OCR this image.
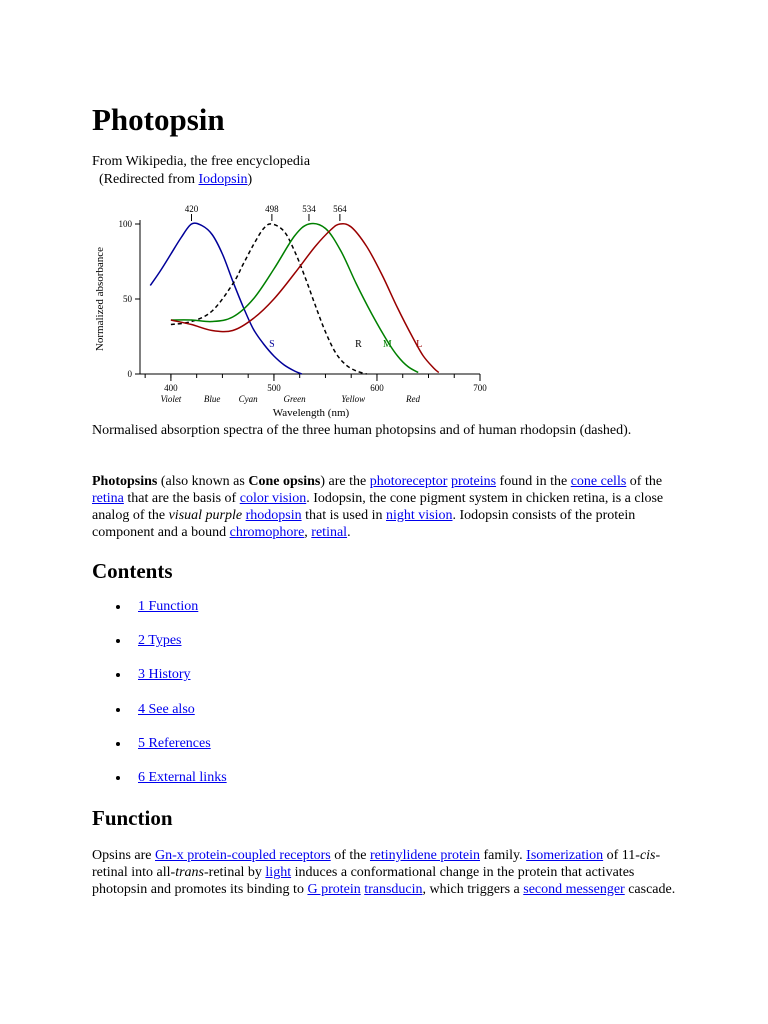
Photopsin

From Wikipedia, the free encyclopedia

(Redirected from Iodopsin)

400	500	600	700
0
50
100
Violet	Blue Cyan	Green	Yellow	Red
420	498	534 564
S	R M L
Wavelength (nm)
Normalized absorbance

Normalised absorption spectra of the three human photopsins and of human rhodopsin (dashed).

Photopsins (also known as Cone opsins) are the photoreceptor proteins found in the cone cells of the retina that are the basis of color vision. Iodopsin, the cone pigment system in chicken retina, is a close analog of the visual purple rhodopsin that is used in night vision. Iodopsin consists of the protein component and a bound chromophore, retinal.

Contents
1 Function
2 Types
3 History
4 See also
5 References
6 External links
Function

Opsins are Gn-x protein-coupled receptors of the retinylidene protein family. Isomerization of 11-cis-retinal into all-trans-retinal by light induces a conformational change in the protein that activates photopsin and promotes its binding to G protein transducin, which triggers a second messenger cascade.
